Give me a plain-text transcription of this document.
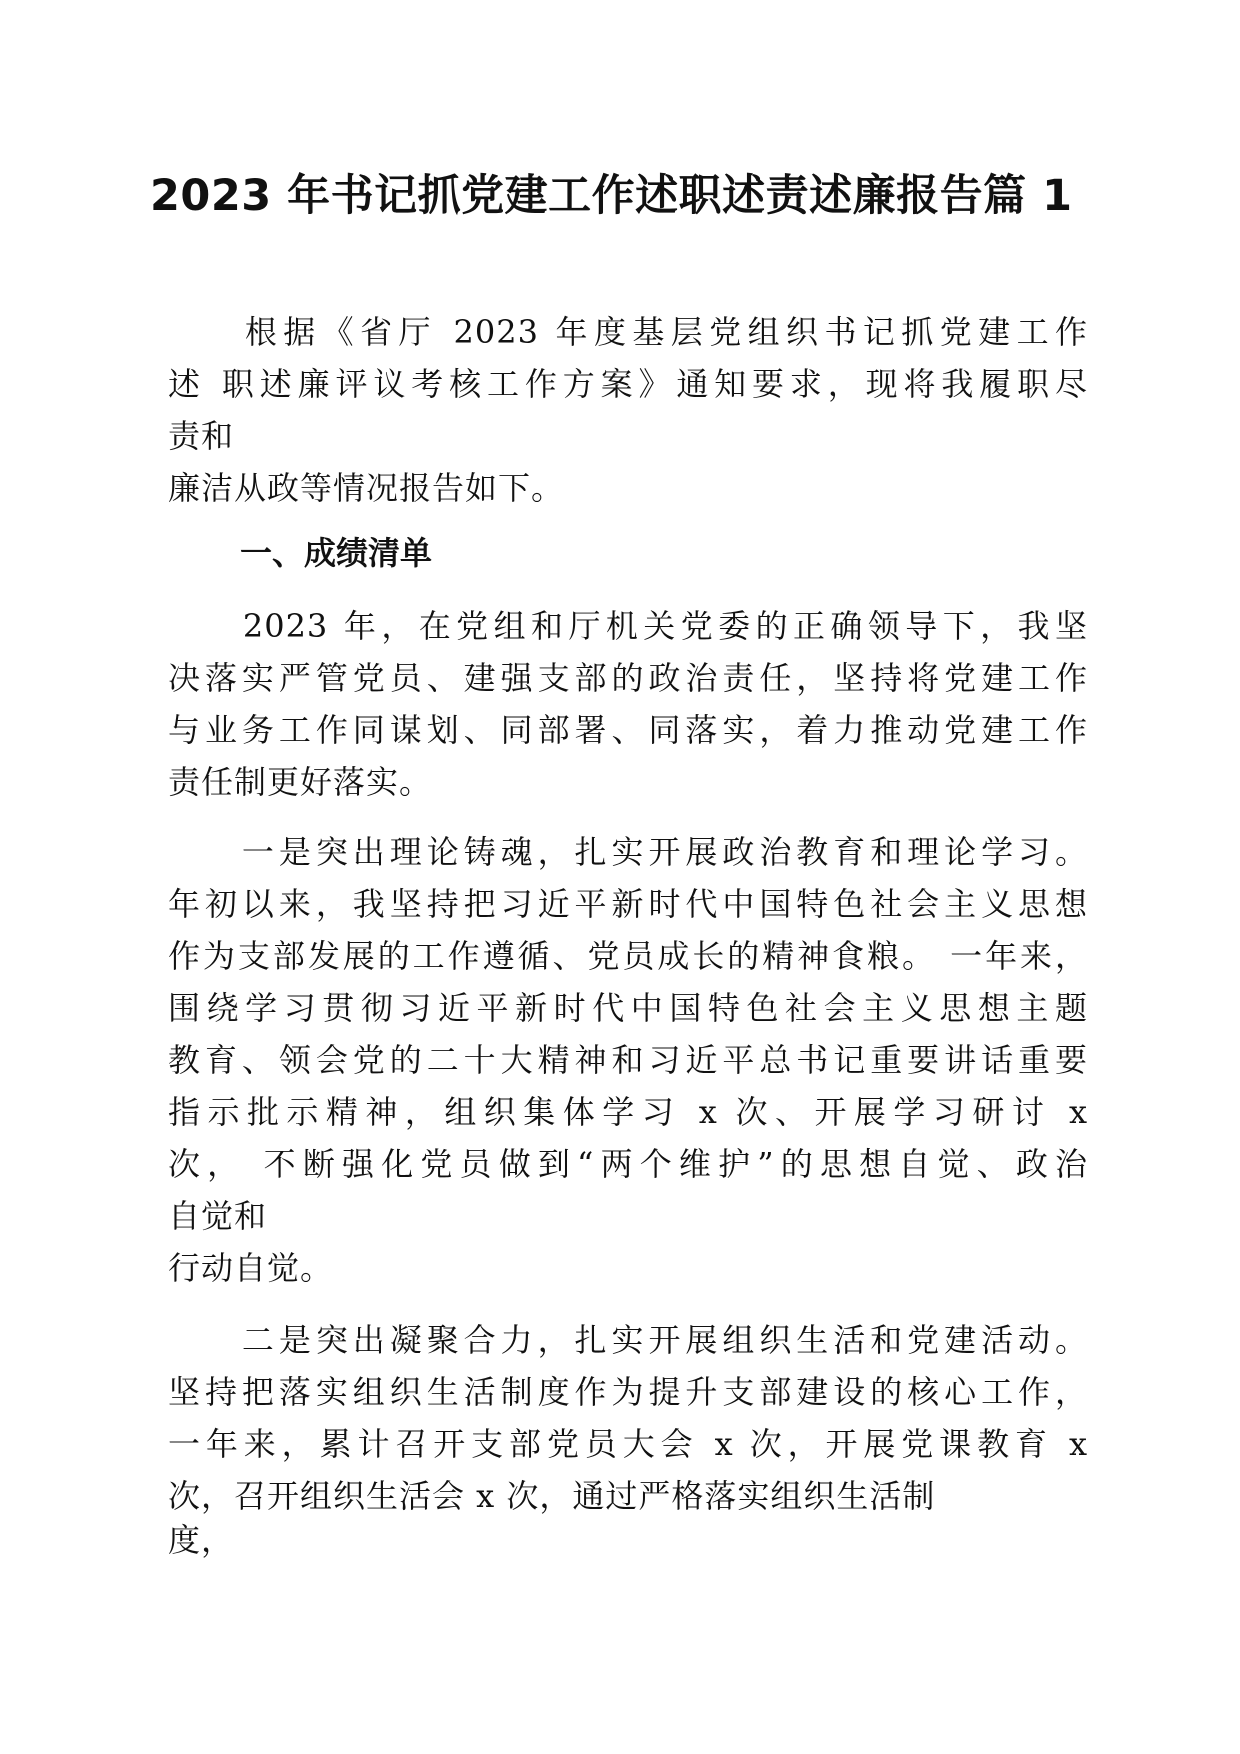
2023 年书记抓党建工作述职述责述廉报告篇 1

　　根据《省厅 2023 年度基层党组织书记抓党建工作

述 职述廉评议考核工作方案》通知要求，现将我履职尽

责和

廉洁从政等情况报告如下。

一、成绩清单

　　2023 年，在党组和厅机关党委的正确领导下，我坚

决落实严管党员、建强支部的政治责任，坚持将党建工作

与业务工作同谋划、同部署、同落实，着力推动党建工作

责任制更好落实。

　　一是突出理论铸魂，扎实开展政治教育和理论学习。

年初以来，我坚持把习近平新时代中国特色社会主义思想

作为支部发展的工作遵循、党员成长的精神食粮。 一年来，

围绕学习贯彻习近平新时代中国特色社会主义思想主题

教育、领会党的二十大精神和习近平总书记重要讲话重要

指示批示精神，组织集体学习 x 次、开展学习研讨 x

次， 不断强化党员做到“两个维护”的思想自觉、政治

自觉和

行动自觉。

　　二是突出凝聚合力，扎实开展组织生活和党建活动。

坚持把落实组织生活制度作为提升支部建设的核心工作，

一年来，累计召开支部党员大会 x 次，开展党课教育 x

次，召开组织生活会 x 次，通过严格落实组织生活制

度，
